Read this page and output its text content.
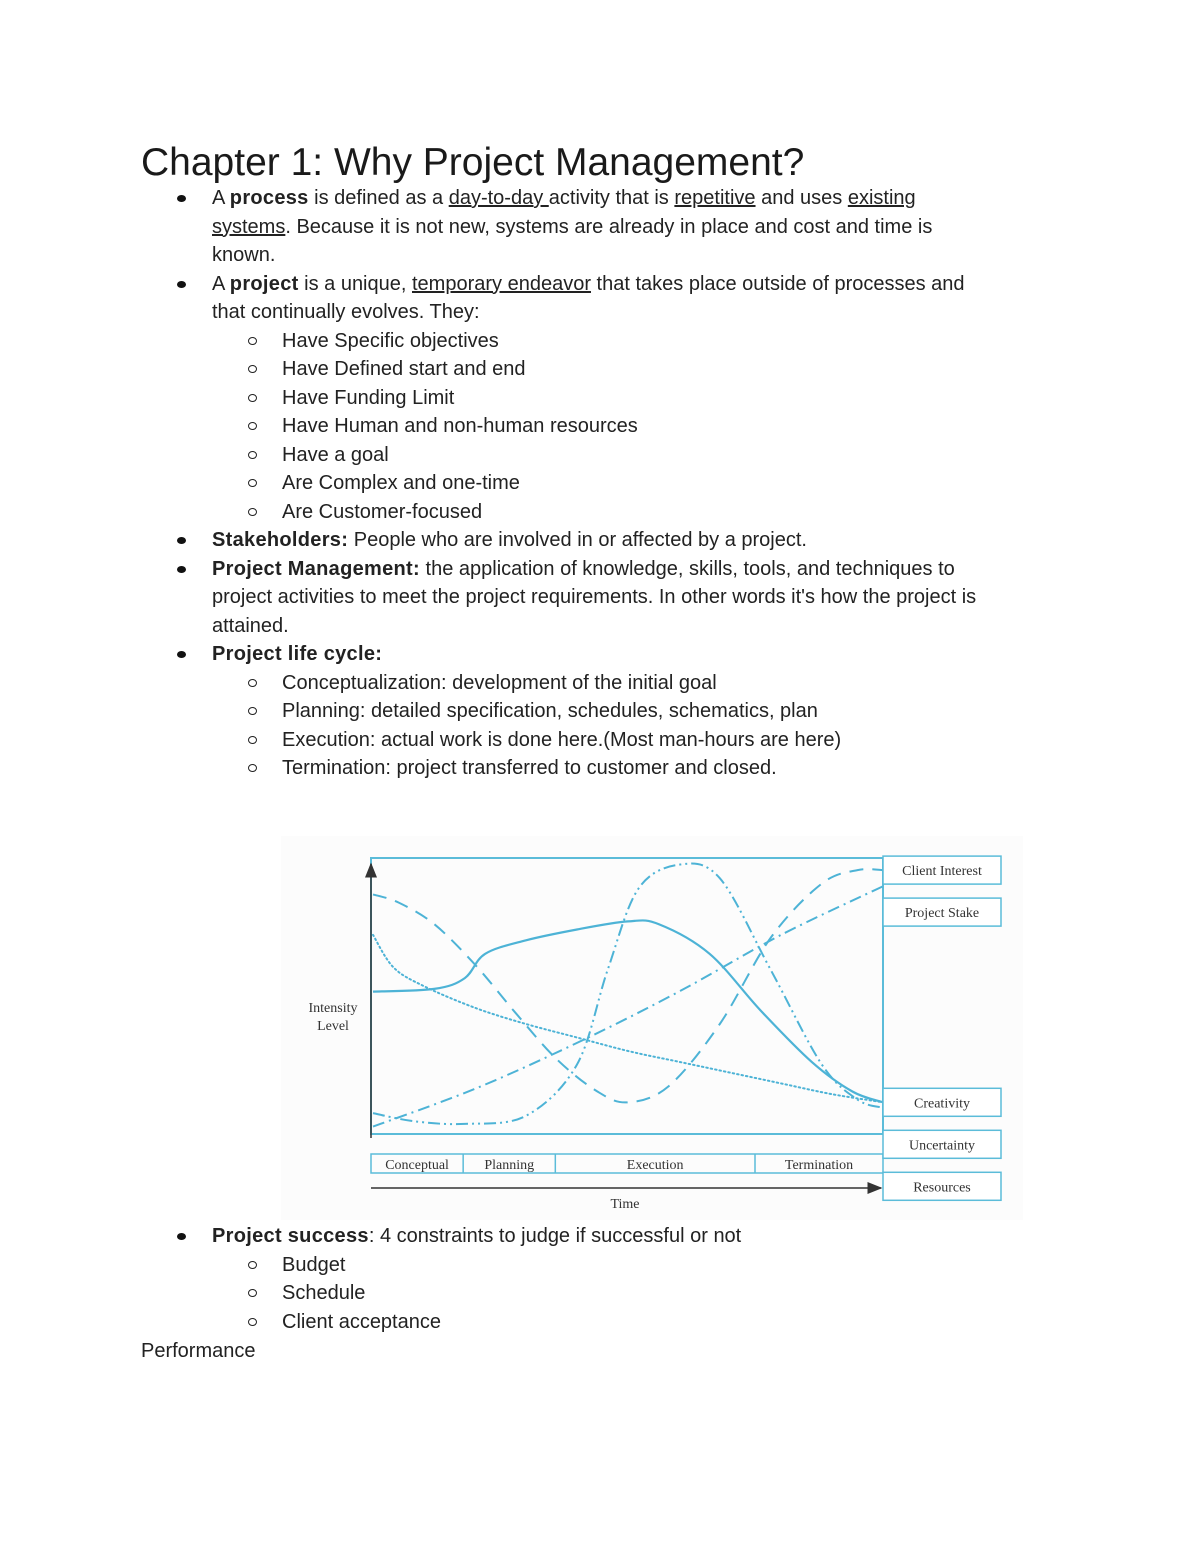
Chapter 1: Why Project Management?
A process is defined as a day-to-day activity that is repetitive and uses existing
systems. Because it is not new, systems are already in place and cost and time is
known.
A project is a unique, temporary endeavor that takes place outside of processes and
that continually evolves. They:
Have Specific objectives
Have Defined start and end
Have Funding Limit
Have Human and non-human resources
Have a goal
Are Complex and one-time
Are Customer-focused
Stakeholders: People who are involved in or affected by a project.
Project Management: the application of knowledge, skills, tools, and techniques to
project activities to meet the project requirements. In other words it's how the project is
attained.
Project life cycle:
Conceptualization: development of the initial goal
Planning: detailed specification, schedules, schematics, plan
Execution: actual work is done here.(Most man-hours are here)
Termination: project transferred to customer and closed.
Conceptual	Planning	Execution	Termination
Client Interest
Project Stake
Resources
Creativity
Uncertainty
Intensity
Level
Time
Project success: 4 constraints to judge if successful or not
Budget
Schedule
Client acceptance
Performance
